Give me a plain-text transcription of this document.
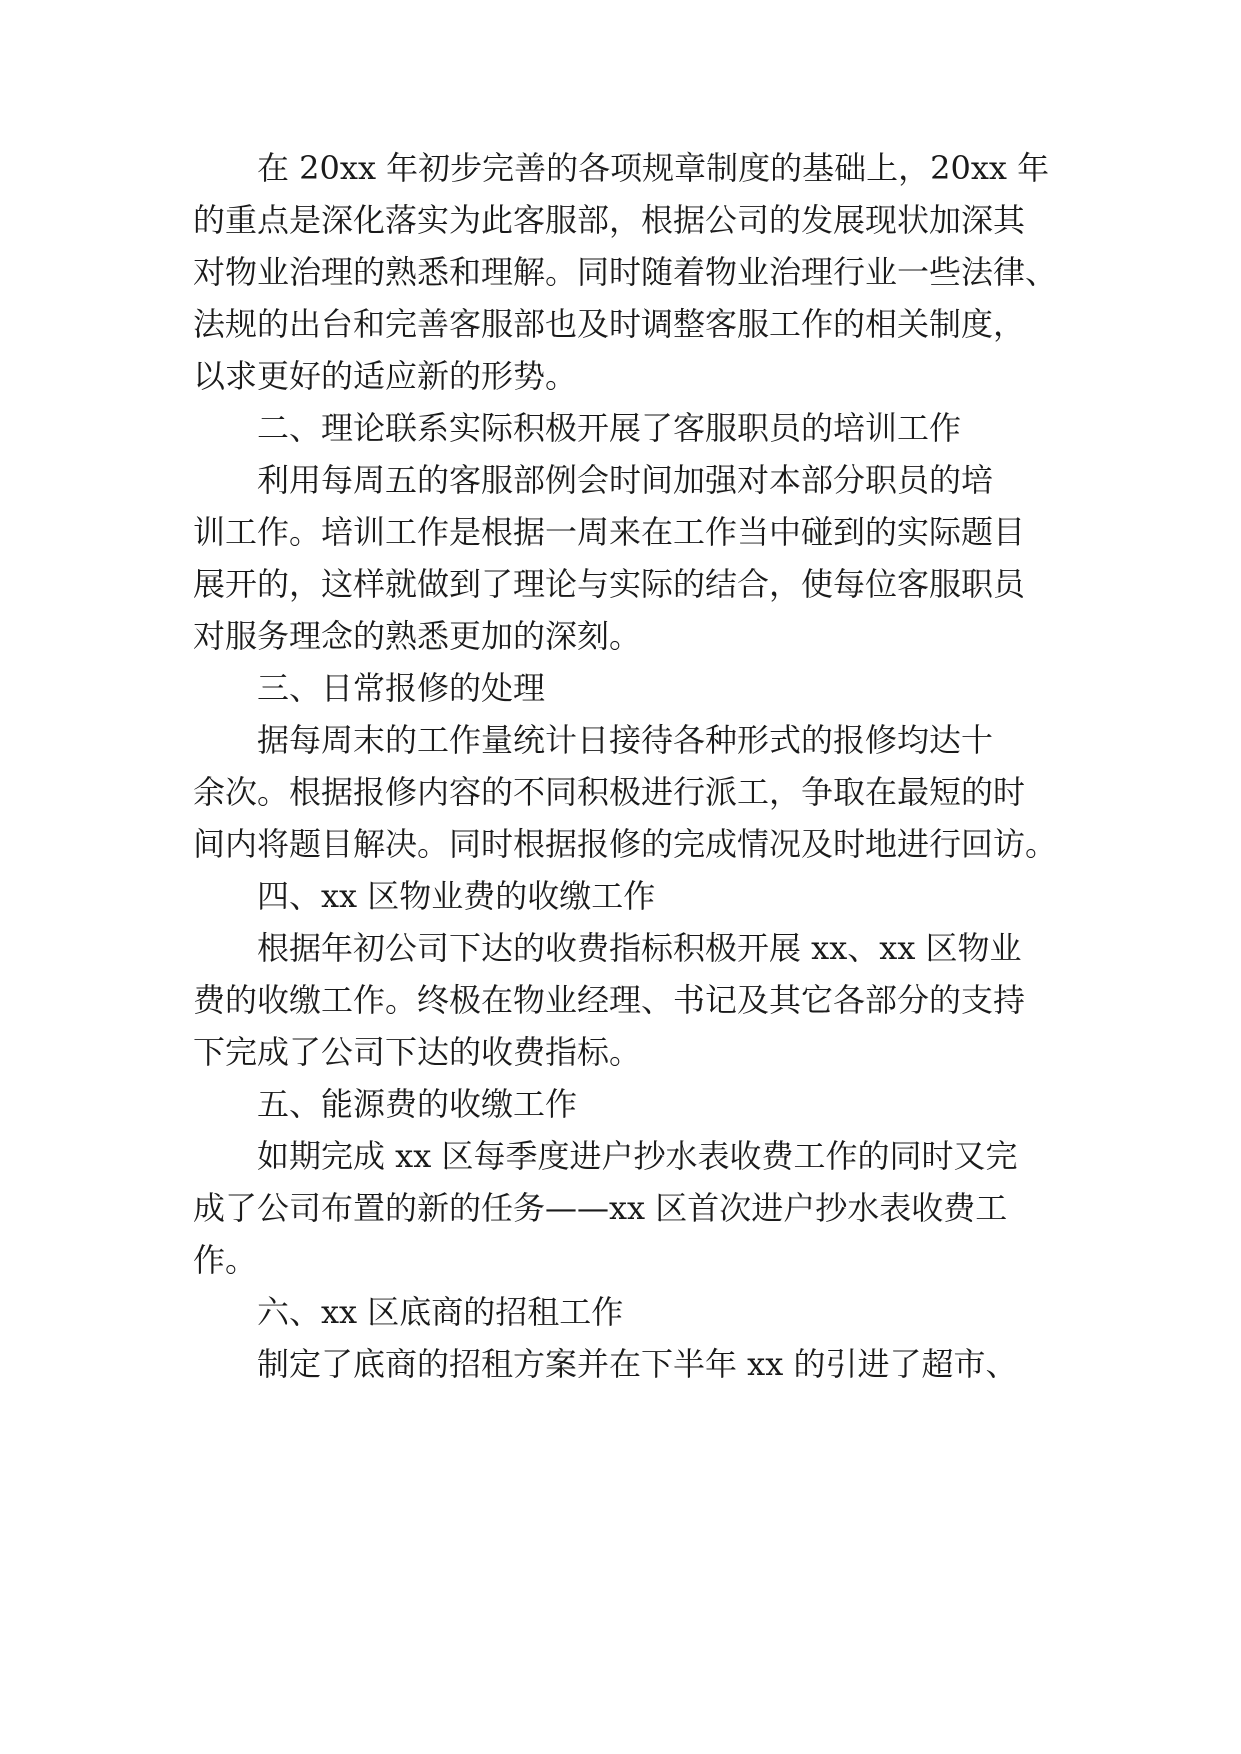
在 20xx 年初步完善的各项规章制度的基础上，20xx 年

的重点是深化落实为此客服部，根据公司的发展现状加深其

对物业治理的熟悉和理解。同时随着物业治理行业一些法律、

法规的出台和完善客服部也及时调整客服工作的相关制度，

以求更好的适应新的形势。

二、理论联系实际积极开展了客服职员的培训工作

利用每周五的客服部例会时间加强对本部分职员的培

训工作。培训工作是根据一周来在工作当中碰到的实际题目

展开的，这样就做到了理论与实际的结合，使每位客服职员

对服务理念的熟悉更加的深刻。

三、日常报修的处理

据每周末的工作量统计日接待各种形式的报修均达十

余次。根据报修内容的不同积极进行派工，争取在最短的时

间内将题目解决。同时根据报修的完成情况及时地进行回访。

四、xx 区物业费的收缴工作

根据年初公司下达的收费指标积极开展 xx、xx 区物业

费的收缴工作。终极在物业经理、书记及其它各部分的支持

下完成了公司下达的收费指标。

五、能源费的收缴工作

如期完成 xx 区每季度进户抄水表收费工作的同时又完

成了公司布置的新的任务——xx 区首次进户抄水表收费工

作。

六、xx 区底商的招租工作

制定了底商的招租方案并在下半年 xx 的引进了超市、
